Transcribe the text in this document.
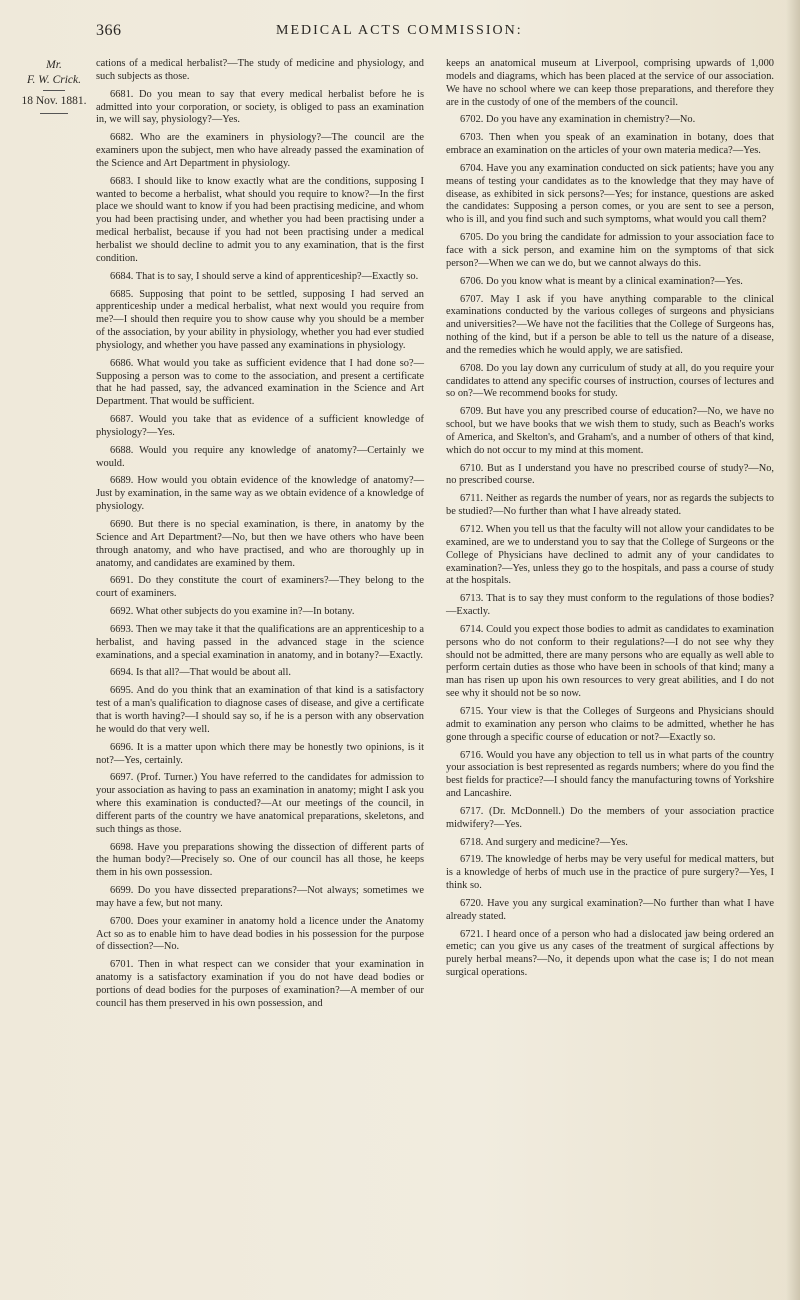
366	MEDICAL ACTS COMMISSION:
Mr.
F. W. Crick.
18 Nov. 1881.

cations of a medical herbalist?—The study of medicine and physiology, and such subjects as those.

6681. Do you mean to say that every medical herbalist before he is admitted into your corporation, or society, is obliged to pass an examination in, we will say, physiology?—Yes.

6682. Who are the examiners in physiology?—The council are the examiners upon the subject, men who have already passed the examination of the Science and Art Department in physiology.

6683. I should like to know exactly what are the conditions, supposing I wanted to become a herbalist, what should you require to know?—In the first place we should want to know if you had been practising medicine, and whom you had been practising under, and whether you had been practising under a medical herbalist, because if you had not been practising under a medical herbalist we should decline to admit you to any examination, that is the first condition.

6684. That is to say, I should serve a kind of apprenticeship?—Exactly so.

6685. Supposing that point to be settled, supposing I had served an apprenticeship under a medical herbalist, what next would you require from me?—I should then require you to show cause why you should be a member of the association, by your ability in physiology, whether you had ever studied physiology, and whether you have passed any examinations in physiology.

6686. What would you take as sufficient evidence that I had done so?—Supposing a person was to come to the association, and present a certificate that he had passed, say, the advanced examination in the Science and Art Department. That would be sufficient.

6687. Would you take that as evidence of a sufficient knowledge of physiology?—Yes.

6688. Would you require any knowledge of anatomy?—Certainly we would.

6689. How would you obtain evidence of the knowledge of anatomy?—Just by examination, in the same way as we obtain evidence of a knowledge of physiology.

6690. But there is no special examination, is there, in anatomy by the Science and Art Department?—No, but then we have others who have been through anatomy, and who have practised, and who are thoroughly up in anatomy, and candidates are examined by them.

6691. Do they constitute the court of examiners?—They belong to the court of examiners.

6692. What other subjects do you examine in?—In botany.

6693. Then we may take it that the qualifications are an apprenticeship to a herbalist, and having passed in the advanced stage in the science examinations, and a special examination in anatomy, and in botany?—Exactly.

6694. Is that all?—That would be about all.

6695. And do you think that an examination of that kind is a satisfactory test of a man's qualification to diagnose cases of disease, and give a certificate that is worth having?—I should say so, if he is a person with any observation he would do that very well.

6696. It is a matter upon which there may be honestly two opinions, is it not?—Yes, certainly.

6697. (Prof. Turner.) You have referred to the candidates for admission to your association as having to pass an examination in anatomy; might I ask you where this examination is conducted?—At our meetings of the council, in different parts of the country we have anatomical preparations, skeletons, and such things as those.

6698. Have you preparations showing the dissection of different parts of the human body?—Precisely so. One of our council has all those, he keeps them in his own possession.

6699. Do you have dissected preparations?—Not always; sometimes we may have a few, but not many.

6700. Does your examiner in anatomy hold a licence under the Anatomy Act so as to enable him to have dead bodies in his possession for the purpose of dissection?—No.

6701. Then in what respect can we consider that your examination in anatomy is a satisfactory examination if you do not have dead bodies or portions of dead bodies for the purposes of examination?—A member of our council has them preserved in his own possession, and

keeps an anatomical museum at Liverpool, comprising upwards of 1,000 models and diagrams, which has been placed at the service of our association. We have no school where we can keep those preparations, and therefore they are in the custody of one of the members of the council.

6702. Do you have any examination in chemistry?—No.

6703. Then when you speak of an examination in botany, does that embrace an examination on the articles of your own materia medica?—Yes.

6704. Have you any examination conducted on sick patients; have you any means of testing your candidates as to the knowledge that they may have of disease, as exhibited in sick persons?—Yes; for instance, questions are asked the candidates: Supposing a person comes, or you are sent to see a person, who is ill, and you find such and such symptoms, what would you call them?

6705. Do you bring the candidate for admission to your association face to face with a sick person, and examine him on the symptoms of that sick person?—When we can we do, but we cannot always do this.

6706. Do you know what is meant by a clinical examination?—Yes.

6707. May I ask if you have anything comparable to the clinical examinations conducted by the various colleges of surgeons and physicians and universities?—We have not the facilities that the College of Surgeons has, nothing of the kind, but if a person be able to tell us the nature of a disease, and the remedies which he would apply, we are satisfied.

6708. Do you lay down any curriculum of study at all, do you require your candidates to attend any specific courses of instruction, courses of lectures and so on?—We recommend books for study.

6709. But have you any prescribed course of education?—No, we have no school, but we have books that we wish them to study, such as Beach's works of America, and Skelton's, and Graham's, and a number of others of that kind, which do not occur to my mind at this moment.

6710. But as I understand you have no prescribed course of study?—No, no prescribed course.

6711. Neither as regards the number of years, nor as regards the subjects to be studied?—No further than what I have already stated.

6712. When you tell us that the faculty will not allow your candidates to be examined, are we to understand you to say that the College of Surgeons or the College of Physicians have declined to admit any of your candidates to examination?—Yes, unless they go to the hospitals, and pass a course of study at the hospitals.

6713. That is to say they must conform to the regulations of those bodies?—Exactly.

6714. Could you expect those bodies to admit as candidates to examination persons who do not conform to their regulations?—I do not see why they should not be admitted, there are many persons who are equally as well able to perform certain duties as those who have been in schools of that kind; many a man has risen up upon his own resources to very great abilities, and I do not see why it should not be so now.

6715. Your view is that the Colleges of Surgeons and Physicians should admit to examination any person who claims to be admitted, whether he has gone through a specific course of education or not?—Exactly so.

6716. Would you have any objection to tell us in what parts of the country your association is best represented as regards numbers; where do you find the best fields for practice?—I should fancy the manufacturing towns of Yorkshire and Lancashire.

6717. (Dr. McDonnell.) Do the members of your association practice midwifery?—Yes.

6718. And surgery and medicine?—Yes.

6719. The knowledge of herbs may be very useful for medical matters, but is a knowledge of herbs of much use in the practice of pure surgery?—Yes, I think so.

6720. Have you any surgical examination?—No further than what I have already stated.

6721. I heard once of a person who had a dislocated jaw being ordered an emetic; can you give us any cases of the treatment of surgical affections by purely herbal means?—No, it depends upon what the case is; I do not mean surgical operations.
